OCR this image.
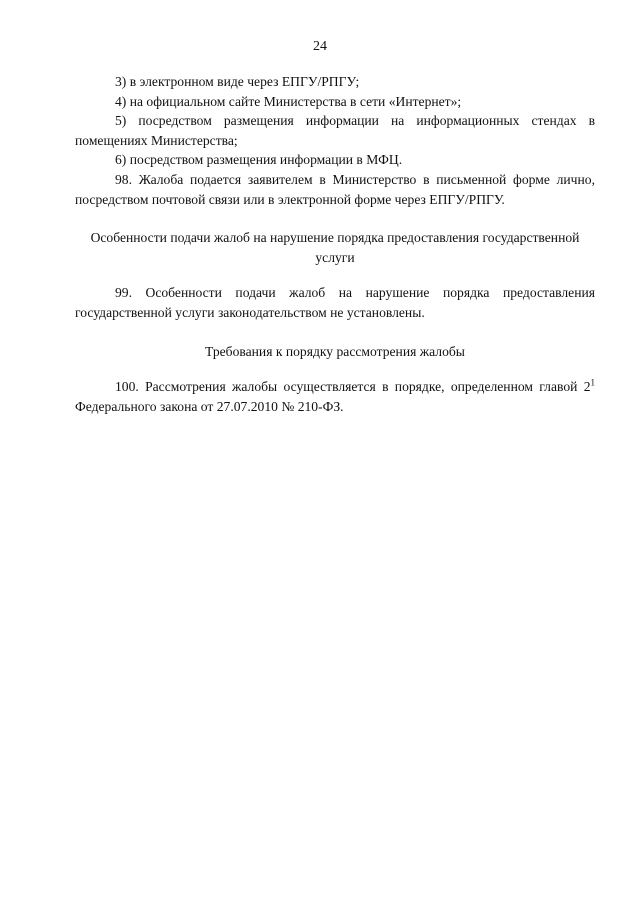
24

3) в электронном виде через ЕПГУ/РПГУ;

4) на официальном сайте Министерства в сети «Интернет»;

5) посредством размещения информации на информационных стендах в помещениях Министерства;

6) посредством размещения информации в МФЦ.

98. Жалоба подается заявителем в Министерство в письменной форме лично, посредством почтовой связи или в электронной форме через ЕПГУ/РПГУ.

Особенности подачи жалоб на нарушение порядка предоставления государственной услуги

99. Особенности подачи жалоб на нарушение порядка предоставления государственной услуги законодательством не установлены.

Требования к порядку рассмотрения жалобы

100. Рассмотрения жалобы осуществляется в порядке, определенном главой $2^1$ Федерального закона от 27.07.2010 № 210-ФЗ.
